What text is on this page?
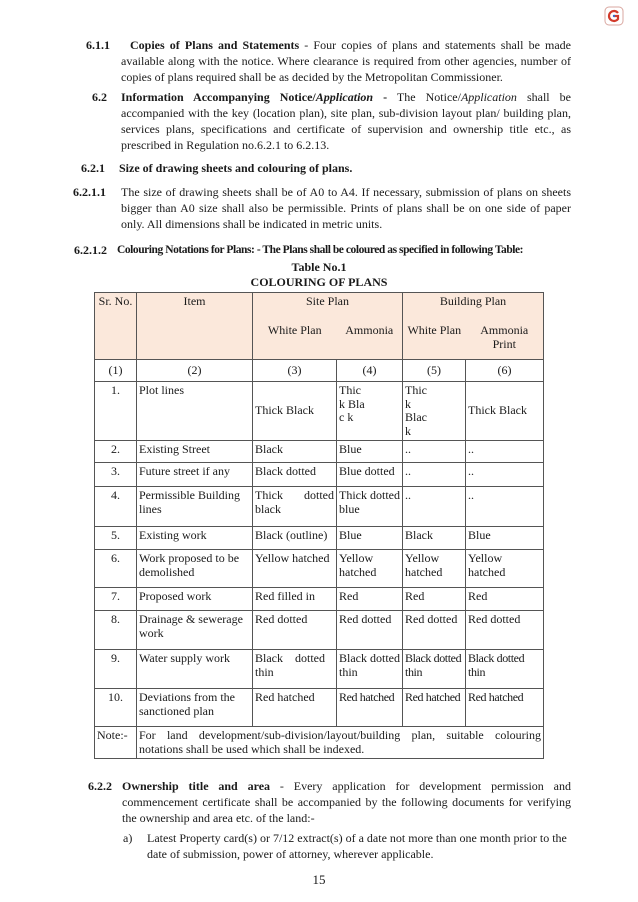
6.1.1	Copies of Plans and Statements - Four copies of plans and statements shall be made available along with the notice. Where clearance is required from other agencies, number of copies of plans required shall be as decided by the Metropolitan Commissioner.
6.2 Information Accompanying Notice/Application - The Notice/Application shall be accompanied with the key (location plan), site plan, sub-division layout plan/ building plan, services plans, specifications and certificate of supervision and ownership title etc., as prescribed in Regulation no.6.2.1 to 6.2.13.
6.2.1 Size of drawing sheets and colouring of plans.
6.2.1.1 The size of drawing sheets shall be of A0 to A4. If necessary, submission of plans on sheets bigger than A0 size shall also be permissible. Prints of plans shall be on one side of paper only. All dimensions shall be indicated in metric units.
6.2.1.2 Colouring Notations for Plans: - The Plans shall be coloured as specified in following Table:
Table No.1
COLOURING OF PLANS
Sr. No.	Item	Site Plan		Building Plan	
		White Plan	Ammonia	White Plan	Ammonia Print
(1)	(2)	(3)	(4)	(5)	(6)
1.	Plot lines	Thick Black	Thic k Blac k	Thic k Blac k	Thick Black
2.	Existing Street	Black	Blue	..	..
3.	Future street if any	Black dotted	Blue dotted	..	..
4.	Permissible Building lines	Thick dotted black	Thick dotted blue	..	..
5.	Existing work	Black (outline)	Blue	Black	Blue
6.	Work proposed to be demolished	Yellow hatched	Yellow hatched	Yellow hatched	Yellow hatched

7.	Proposed work	Red filled in	Red	Red	Red
8.	Drainage & sewerage work	Red dotted	Red dotted	Red dotted	Red dotted
9.	Water supply work	Black dotted thin	Black dotted thin	Black dotted thin	Black dotted thin
10.	Deviations from the sanctioned plan	Red hatched	Red hatched	Red hatched	Red hatched
Note:-	For land development/sub-division/layout/building plan, suitable colouring notations shall be used which shall be indexed.				
6.2.2 Ownership title and area - Every application for development permission and commencement certificate shall be accompanied by the following documents for verifying the ownership and area etc. of the land:-
a) Latest Property card(s) or 7/12 extract(s) of a date not more than one month prior to the date of submission, power of attorney, wherever applicable.
15
